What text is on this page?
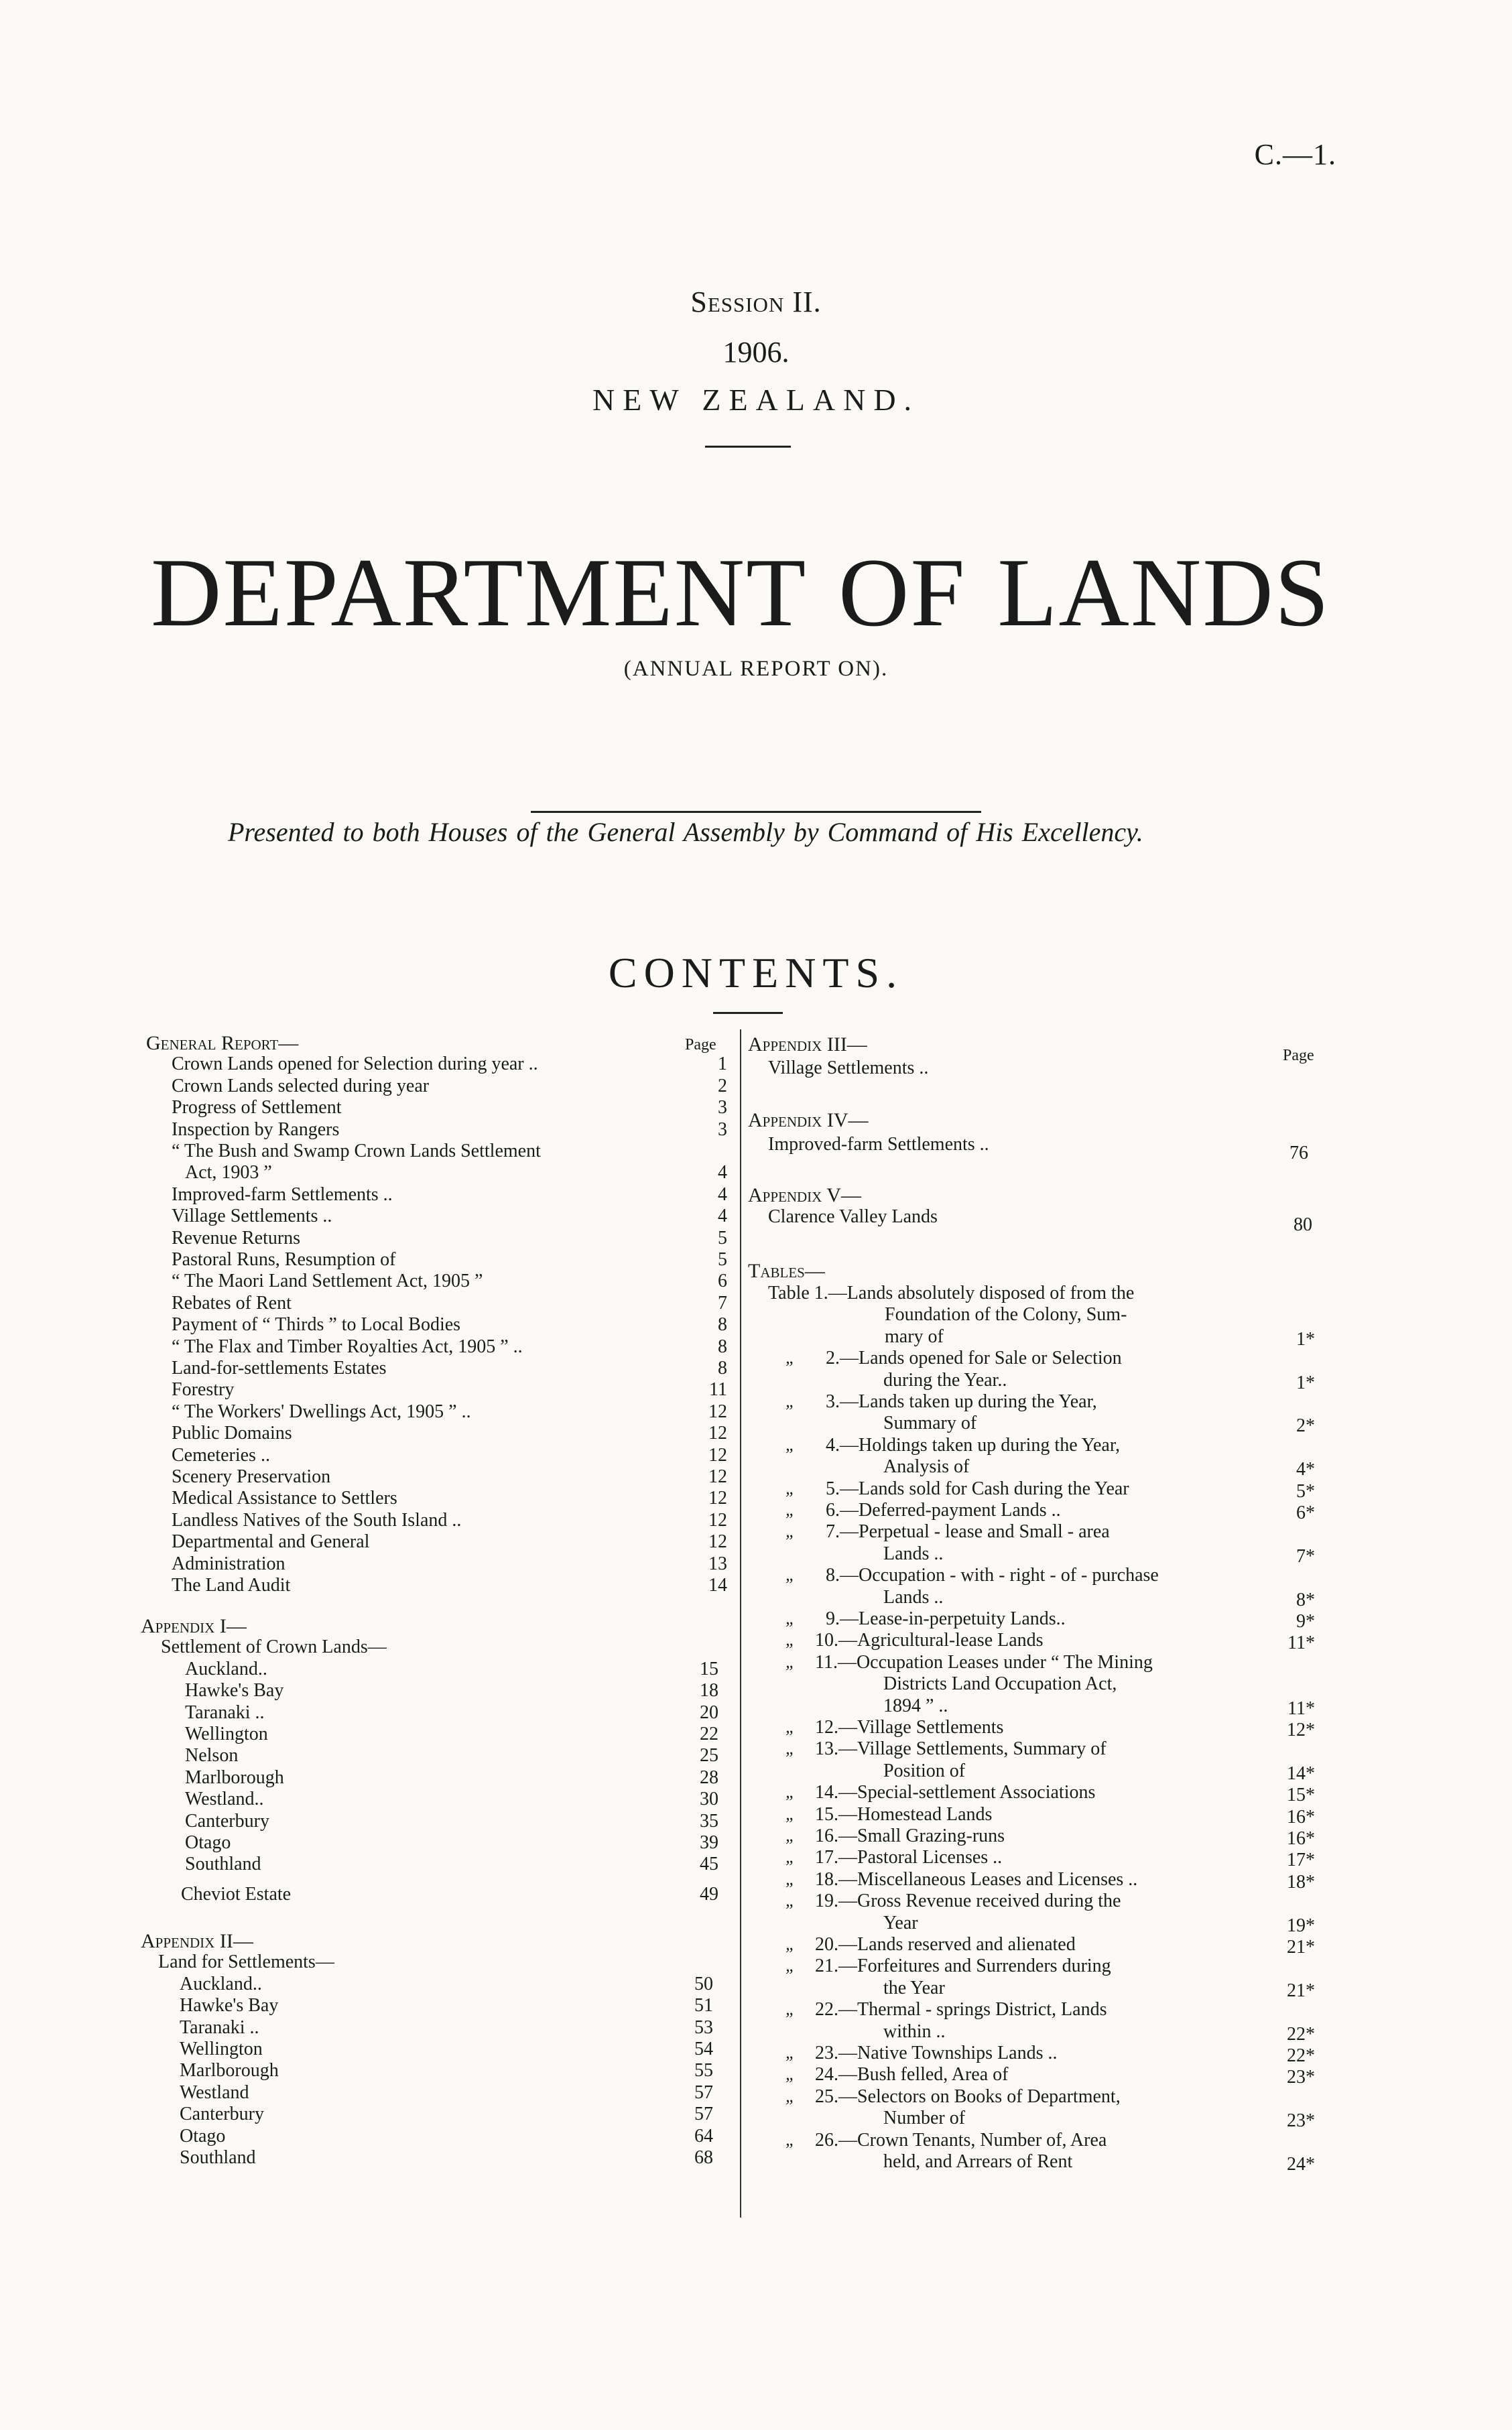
C.—1.
Session II.
1906.
NEW ZEALAND.
DEPARTMENT OF LANDS
(ANNUAL REPORT ON).
Presented to both Houses of the General Assembly by Command of His Excellency.
CONTENTS.
General Report—	Page
Crown Lands opened for Selection during year ..	1
Crown Lands selected during year	2
Progress of Settlement	3
Inspection by Rangers	3
“ The Bush and Swamp Crown Lands Settlement
Act, 1903 ”	4
Improved-farm Settlements ..	4
Village Settlements ..	4
Revenue Returns	5
Pastoral Runs, Resumption of	5
“ The Maori Land Settlement Act, 1905 ”	6
Rebates of Rent	7
Payment of “ Thirds ” to Local Bodies	8
“ The Flax and Timber Royalties Act, 1905 ” ..	8
Land-for-settlements Estates	8
Forestry	11
“ The Workers' Dwellings Act, 1905 ” ..	12
Public Domains	12
Cemeteries ..	12
Scenery Preservation	12
Medical Assistance to Settlers	12
Landless Natives of the South Island ..	12
Departmental and General	12
Administration	13
The Land Audit	14
Appendix I—
Settlement of Crown Lands—
Auckland..	15
Hawke's Bay	18
Taranaki ..	20
Wellington	22
Nelson	25
Marlborough	28
Westland..	30
Canterbury	35
Otago	39
Southland	45
Cheviot Estate	49
Appendix II—
Land for Settlements—
Auckland..	50
Hawke's Bay	51
Taranaki ..	53
Wellington	54
Marlborough	55
Westland	57
Canterbury	57
Otago	64
Southland	68
Appendix III—	Page
Village Settlements ..
Appendix IV—
Improved-farm Settlements ..	76
Appendix V—
Clarence Valley Lands	80
Tables—
Table 1.—Lands absolutely disposed of from the
Foundation of the Colony, Sum-
mary of	1*
„ 2.—Lands opened for Sale or Selection
during the Year..	1*
„ 3.—Lands taken up during the Year,
Summary of	2*
„ 4.—Holdings taken up during the Year,
Analysis of	4*
„ 5.—Lands sold for Cash during the Year	5*
„ 6.—Deferred-payment Lands ..	6*
„ 7.—Perpetual - lease and Small - area
Lands ..	7*
„ 8.—Occupation - with - right - of - purchase
Lands ..	8*
„ 9.—Lease-in-perpetuity Lands..	9*
„ 10.—Agricultural-lease Lands	11*
„ 11.—Occupation Leases under “ The Mining
Districts Land Occupation Act,
1894 ” ..	11*
„ 12.—Village Settlements	12*
„ 13.—Village Settlements, Summary of
Position of	14*
„ 14.—Special-settlement Associations	15*
„ 15.—Homestead Lands	16*
„ 16.—Small Grazing-runs	16*
„ 17.—Pastoral Licenses ..	17*
„ 18.—Miscellaneous Leases and Licenses ..	18*
„ 19.—Gross Revenue received during the
Year	19*
„ 20.—Lands reserved and alienated	21*
„ 21.—Forfeitures and Surrenders during
the Year	21*
„ 22.—Thermal - springs District, Lands
within ..	22*
„ 23.—Native Townships Lands ..	22*
„ 24.—Bush felled, Area of	23*
„ 25.—Selectors on Books of Department,
Number of	23*
„ 26.—Crown Tenants, Number of, Area
held, and Arrears of Rent	24*
